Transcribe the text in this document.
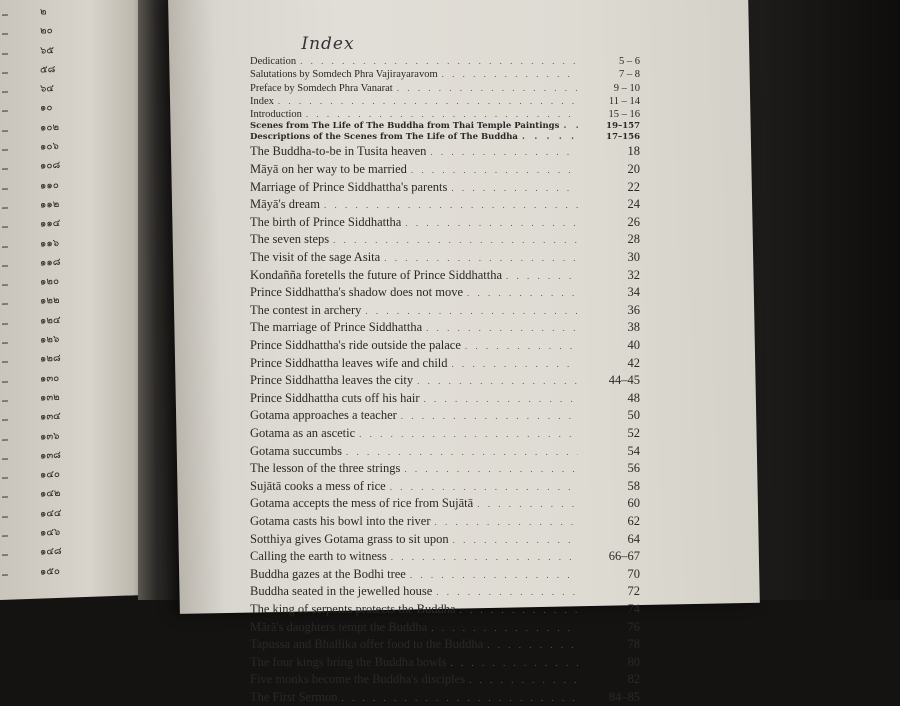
…
…
…
…
…
…
…
…
…
…
…
…
…
…
…
…
…
…
…
…
…
…
…
…
…
…
…
…
…
…
๒
๒๐
๖๕
๕๘
๖๔
๑๐
๑๐๒
๑๐๖
๑๐๘
๑๑๐
๑๑๒
๑๑๔
๑๑๖
๑๑๘
๑๒๐
๑๒๒
๑๒๔
๑๒๖
๑๒๘
๑๓๐
๑๓๒
๑๓๔
๑๓๖
๑๓๘
๑๔๐
๑๔๒
๑๔๔
๑๔๖
๑๔๘
๑๕๐
Index
Dedication . . .	5 – 6
Salutations by Somdech Phra Vajirayaravom . . .	7 – 8
Preface by Somdech Phra Vanarat . . .	9 – 10
Index . . .	11 – 14
Introduction . . .	15 – 16
Scenes from The Life of The Buddha from Thai Temple Paintings . . .	19–157
Descriptions of the Scenes from The Life of The Buddha . . .	17–156
The Buddha-to-be in Tusita heaven . . .	18
Māyā on her way to be married . . .	20
Marriage of Prince Siddhattha's parents . . .	22
Māyā's dream . . .	24
The birth of Prince Siddhattha . . .	26
The seven steps . . .	28
The visit of the sage Asita . . .	30
Kondañña foretells the future of Prince Siddhattha . . .	32
Prince Siddhattha's shadow does not move . . .	34
The contest in archery . . .	36
The marriage of Prince Siddhattha . . .	38
Prince Siddhattha's ride outside the palace . . .	40
Prince Siddhattha leaves wife and child . . .	42
Prince Siddhattha leaves the city . . .	44–45
Prince Siddhattha cuts off his hair . . .	48
Gotama approaches a teacher . . .	50
Gotama as an ascetic . . .	52
Gotama succumbs . . .	54
The lesson of the three strings . . .	56
Sujātā cooks a mess of rice . . .	58
Gotama accepts the mess of rice from Sujātā . . .	60
Gotama casts his bowl into the river . . .	62
Sotthiya gives Gotama grass to sit upon . . .	64
Calling the earth to witness . . .	66–67
Buddha gazes at the Bodhi tree . . .	70
Buddha seated in the jewelled house . . .	72
The king of serpents protects the Buddha . . .	74
Mārā's daughters tempt the Buddha . . .	76
Tapussa and Bhallika offer food to the Buddha . . .	78
The four kings bring the Buddha bowls . . .	80
Five monks become the Buddha's disciples . . .	82
The First Sermon . . .	84–85
